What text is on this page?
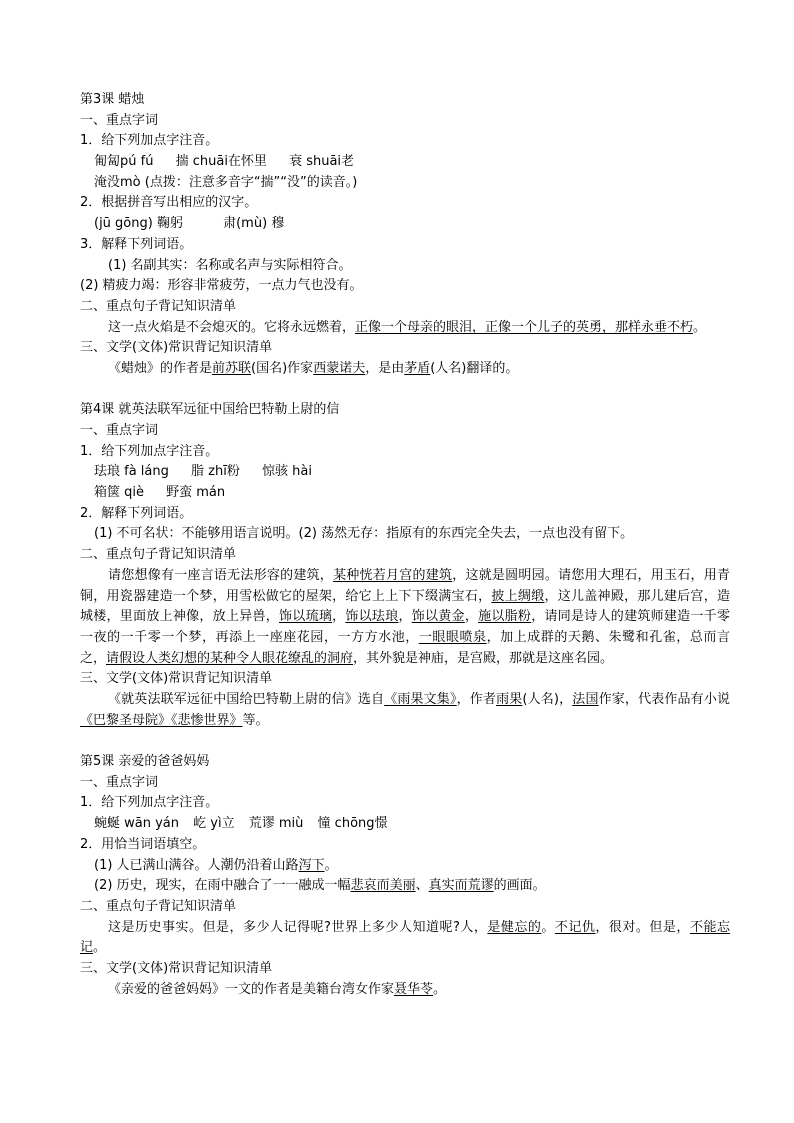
第3课 蜡烛
一、重点字词
1．给下列加点字注音。
匍匐pú fú 揣 chuāi在怀里 衰 shuāi老
淹没mò (点拨：注意多音字“揣”“没”的读音。)
2．根据拼音写出相应的汉字。
(jū gōng) 鞠躬	肃(mù) 穆
3．解释下列词语。
(1) 名副其实：名称或名声与实际相符合。
(2) 精疲力竭：形容非常疲劳，一点力气也没有。
二、重点句子背记知识清单
这一点火焰是不会熄灭的。它将永远燃着，正像一个母亲的眼泪，正像一个儿子的英勇，那样永垂不朽。
三、文学(文体)常识背记知识清单
《蜡烛》的作者是前苏联(国名)作家西蒙诺夫，是由茅盾(人名)翻译的。
第4课 就英法联军远征中国给巴特勒上尉的信
一、重点字词
1．给下列加点字注音。
珐琅 fà láng 脂 zhī粉 惊骇 hài
箱箧 qiè 野蛮 mán
2．解释下列词语。
(1) 不可名状：不能够用语言说明。(2) 荡然无存：指原有的东西完全失去，一点也没有留下。
二、重点句子背记知识清单
请您想像有一座言语无法形容的建筑，某种恍若月宫的建筑，这就是圆明园。请您用大理石，用玉石，用青铜，用瓷器建造一个梦，用雪松做它的屋架，给它上上下下缀满宝石，披上绸缎，这儿盖神殿，那儿建后宫，造城楼，里面放上神像，放上异兽，饰以琉璃，饰以珐琅，饰以黄金，施以脂粉，请同是诗人的建筑师建造一千零一夜的一千零一个梦，再添上一座座花园，一方方水池，一眼眼喷泉，加上成群的天鹅、朱鹭和孔雀，总而言之，请假设人类幻想的某种令人眼花缭乱的洞府，其外貌是神庙，是宫殿，那就是这座名园。
三、文学(文体)常识背记知识清单
《就英法联军远征中国给巴特勒上尉的信》选自《雨果文集》，作者雨果(人名)，法国作家，代表作品有小说《巴黎圣母院》《悲惨世界》等。
第5课 亲爱的爸爸妈妈
一、重点字词
1．给下列加点字注音。
蜿蜒 wān yán 屹 yì立 荒谬 miù 憧 chōng憬
2．用恰当词语填空。
(1) 人已满山满谷。人潮仍沿着山路泻下。
(2) 历史，现实，在雨中融合了一一融成一幅悲哀而美丽、真实而荒谬的画面。
二、重点句子背记知识清单
这是历史事实。但是，多少人记得呢?世界上多少人知道呢?人，是健忘的。不记仇，很对。但是，不能忘记。
三、文学(文体)常识背记知识清单
《亲爱的爸爸妈妈》一文的作者是美籍台湾女作家聂华苓。
